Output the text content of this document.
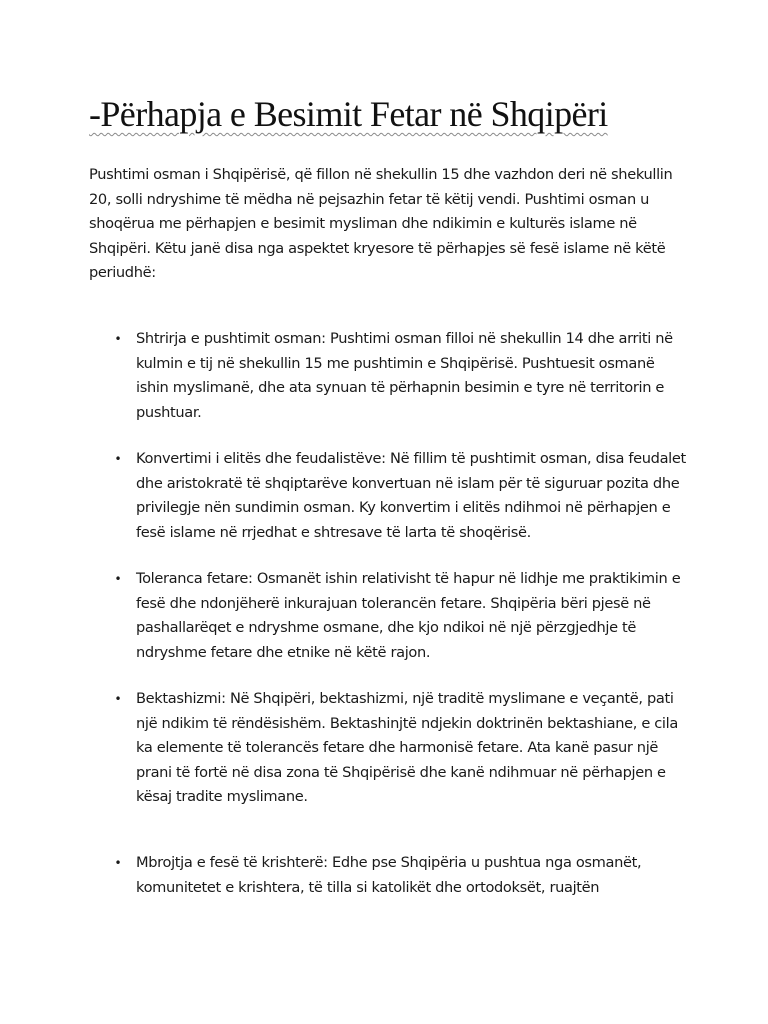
-Përhapja e Besimit Fetar në Shqipëri

Pushtimi osman i Shqipërisë, që fillon në shekullin 15 dhe vazhdon deri në shekullin 20, solli ndryshime të mëdha në pejsazhin fetar të këtij vendi. Pushtimi osman u shoqërua me përhapjen e besimit mysliman dhe ndikimin e kulturës islame në Shqipëri. Këtu janë disa nga aspektet kryesore të përhapjes së fesë islame në këtë periudhë:

• Shtrirja e pushtimit osman: Pushtimi osman filloi në shekullin 14 dhe arriti në kulmin e tij në shekullin 15 me pushtimin e Shqipërisë. Pushtuesit osmanë ishin myslimanë, dhe ata synuan të përhapnin besimin e tyre në territorin e pushtuar.

• Konvertimi i elitës dhe feudalistëve: Në fillim të pushtimit osman, disa feudalet dhe aristokratë të shqiptarëve konvertuan në islam për të siguruar pozita dhe privilegje nën sundimin osman. Ky konvertim i elitës ndihmoi në përhapjen e fesë islame në rrjedhat e shtresave të larta të shoqërisë.

• Toleranca fetare: Osmanët ishin relativisht të hapur në lidhje me praktikimin e fesë dhe ndonjëherë inkurajuan tolerancën fetare. Shqipëria bëri pjesë në pashallarëqet e ndryshme osmane, dhe kjo ndikoi në një përzgjedhje të ndryshme fetare dhe etnike në këtë rajon.

• Bektashizmi: Në Shqipëri, bektashizmi, një traditë myslimane e veçantë, pati një ndikim të rëndësishëm. Bektashinjtë ndjekin doktrinën bektashiane, e cila ka elemente të tolerancës fetare dhe harmonisë fetare. Ata kanë pasur një prani të fortë në disa zona të Shqipërisë dhe kanë ndihmuar në përhapjen e kësaj tradite myslimane.

• Mbrojtja e fesë të krishterë: Edhe pse Shqipëria u pushtua nga osmanët, komunitetet e krishtera, të tilla si katolikët dhe ortodoksët, ruajtën
